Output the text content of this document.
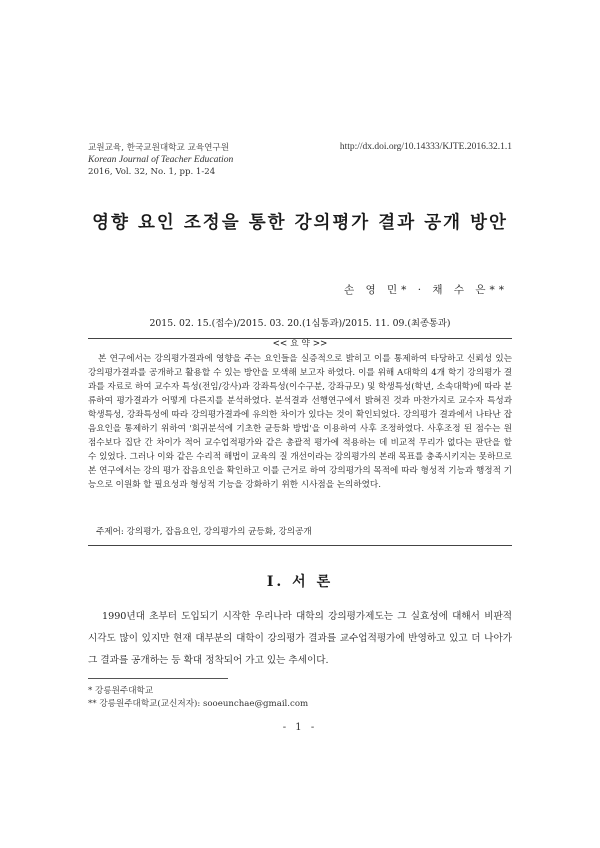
교원교육, 한국교원대학교 교육연구원
Korean Journal of Teacher Education
2016, Vol. 32, No. 1, pp. 1-24
http://dx.doi.org/10.14333/KJTE.2016.32.1.1
영향 요인 조정을 통한 강의평가 결과 공개 방안
손 영 민* · 채 수 은**
2015. 02. 15.(접수)/2015. 03. 20.(1심통과)/2015. 11. 09.(최종통과)
<< 요 약 >>
본 연구에서는 강의평가결과에 영향을 주는 요인들을 실증적으로 밝히고 이를 통제하여 타당하고 신뢰성 있는 강의평가결과를 공개하고 활용할 수 있는 방안을 모색해 보고자 하였다. 이를 위해 A대학의 4개 학기 강의평가 결과를 자료로 하여 교수자 특성(전임/강사)과 강좌특성(이수구분, 강좌규모) 및 학생특성(학년, 소속대학)에 따라 분류하여 평가결과가 어떻게 다른지를 분석하였다. 분석결과 선행연구에서 밝혀진 것과 마찬가지로 교수자 특성과 학생특성, 강좌특성에 따라 강의평가결과에 유의한 차이가 있다는 것이 확인되었다. 강의평가 결과에서 나타난 잡음요인을 통제하기 위하여 '회귀분석에 기초한 균등화 방법'을 이용하여 사후 조정하였다. 사후조정 된 점수는 원점수보다 집단 간 차이가 적어 교수업적평가와 같은 총괄적 평가에 적용하는 데 비교적 무리가 없다는 판단을 할 수 있었다. 그러나 이와 같은 수리적 해법이 교육의 질 개선이라는 강의평가의 본래 목표를 충족시키지는 못하므로 본 연구에서는 강의 평가 잡음요인을 확인하고 이를 근거로 하여 강의평가의 목적에 따라 형성적 기능과 행정적 기능으로 이원화 할 필요성과 형성적 기능을 강화하기 위한 시사점을 논의하였다.
주제어: 강의평가, 잡음요인, 강의평가의 균등화, 강의공개
Ⅰ. 서 론
1990년대 초부터 도입되기 시작한 우리나라 대학의 강의평가제도는 그 실효성에 대해서 비판적 시각도 많이 있지만 현재 대부분의 대학이 강의평가 결과를 교수업적평가에 반영하고 있고 더 나아가 그 결과를 공개하는 등 확대 정착되어 가고 있는 추세이다.
* 강릉원주대학교
** 강릉원주대학교(교신저자): sooeunchae@gmail.com
- 1 -
